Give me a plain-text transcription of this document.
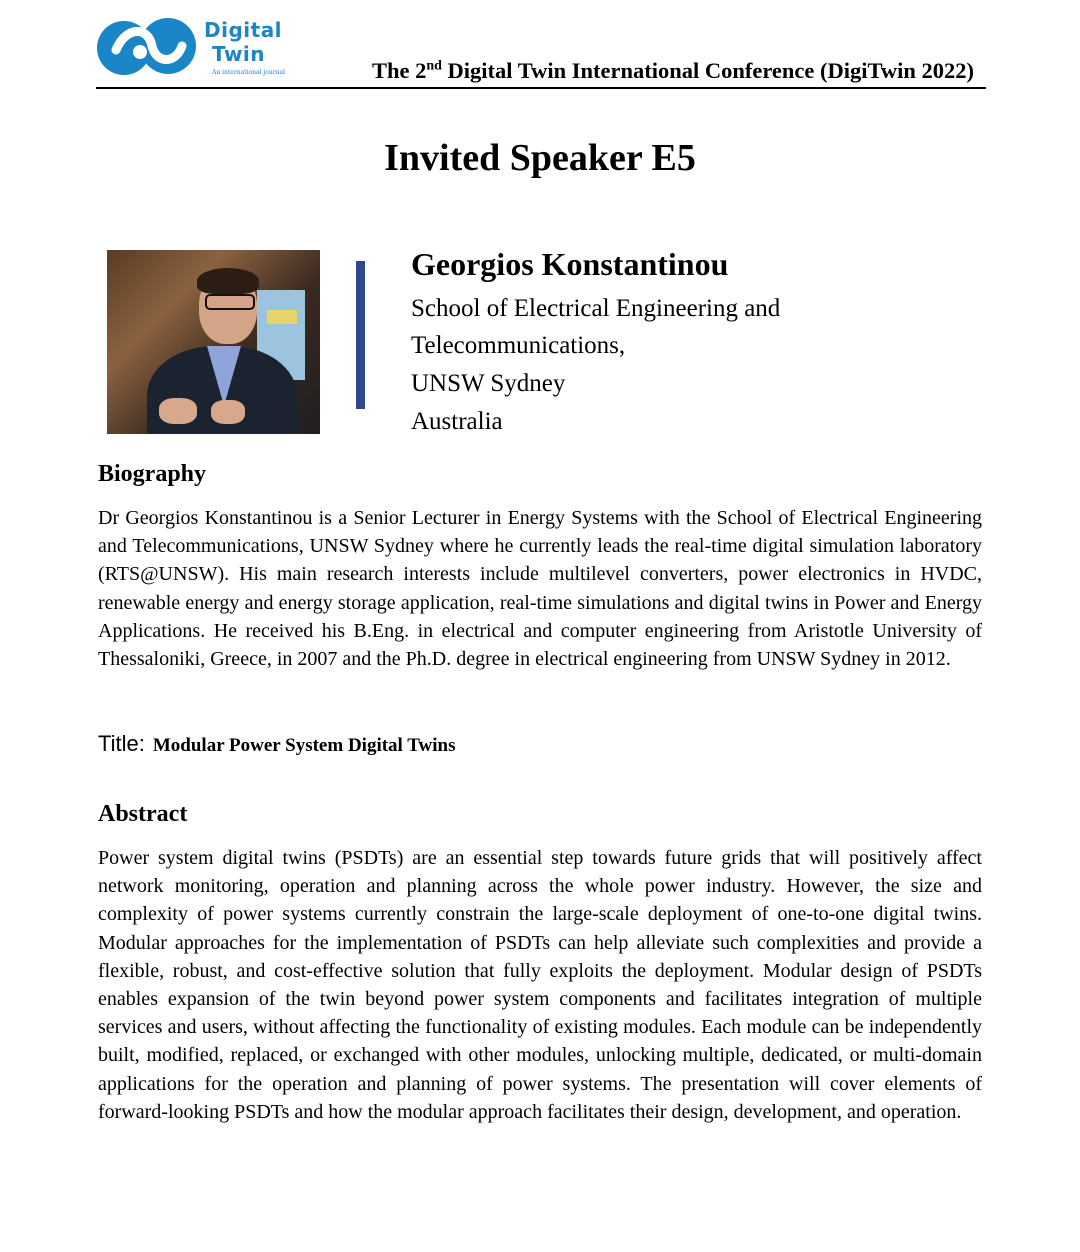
Digital
Twin
An international journal	The 2nd Digital Twin International Conference (DigiTwin 2022)
Invited Speaker E5
Georgios Konstantinou
School of Electrical Engineering and
Telecommunications,
UNSW Sydney
Australia
Biography

Dr Georgios Konstantinou is a Senior Lecturer in Energy Systems with the School of Electrical Engineering and Telecommunications, UNSW Sydney where he currently leads the real-time digital simulation laboratory (RTS@UNSW). His main research interests include multilevel converters, power electronics in HVDC, renewable energy and energy storage application, real-time simulations and digital twins in Power and Energy Applications. He received his B.Eng. in electrical and computer engineering from Aristotle University of Thessaloniki, Greece, in 2007 and the Ph.D. degree in electrical engineering from UNSW Sydney in 2012.

Title: Modular Power System Digital Twins
Abstract

Power system digital twins (PSDTs) are an essential step towards future grids that will positively affect network monitoring, operation and planning across the whole power industry. However, the size and complexity of power systems currently constrain the large-scale deployment of one-to-one digital twins. Modular approaches for the implementation of PSDTs can help alleviate such complexities and provide a flexible, robust, and cost-effective solution that fully exploits the deployment. Modular design of PSDTs enables expansion of the twin beyond power system components and facilitates integration of multiple services and users, without affecting the functionality of existing modules. Each module can be independently built, modified, replaced, or exchanged with other modules, unlocking multiple, dedicated, or multi-domain applications for the operation and planning of power systems. The presentation will cover elements of forward-looking PSDTs and how the modular approach facilitates their design, development, and operation.
